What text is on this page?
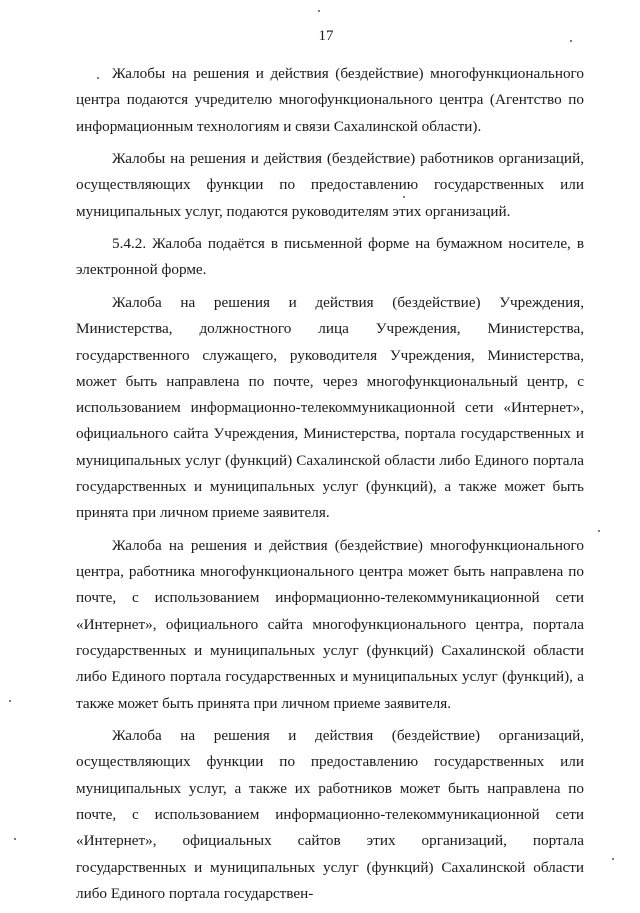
17

Жалобы на решения и действия (бездействие) многофункционального центра подаются учредителю многофункционального центра (Агентство по информационным технологиям и связи Сахалинской области).

Жалобы на решения и действия (бездействие) работников организаций, осуществляющих функции по предоставлению государственных или муниципальных услуг, подаются руководителям этих организаций.

5.4.2. Жалоба подаётся в письменной форме на бумажном носителе, в электронной форме.

Жалоба на решения и действия (бездействие) Учреждения, Министерства, должностного лица Учреждения, Министерства, государственного служащего, руководителя Учреждения, Министерства, может быть направлена по почте, через многофункциональный центр, с использованием информационно-телекоммуникационной сети «Интернет», официального сайта Учреждения, Министерства, портала государственных и муниципальных услуг (функций) Сахалинской области либо Единого портала государственных и муниципальных услуг (функций), а также может быть принята при личном приеме заявителя.

Жалоба на решения и действия (бездействие) многофункционального центра, работника многофункционального центра может быть направлена по почте, с использованием информационно-телекоммуникационной сети «Интернет», официального сайта многофункционального центра, портала государственных и муниципальных услуг (функций) Сахалинской области либо Единого портала государственных и муниципальных услуг (функций), а также может быть принята при личном приеме заявителя.

Жалоба на решения и действия (бездействие) организаций, осуществляющих функции по предоставлению государственных или муниципальных услуг, а также их работников может быть направлена по почте, с использованием информационно-телекоммуникационной сети «Интернет», официальных сайтов этих организаций, портала государственных и муниципальных услуг (функций) Сахалинской области либо Единого портала государствен-
